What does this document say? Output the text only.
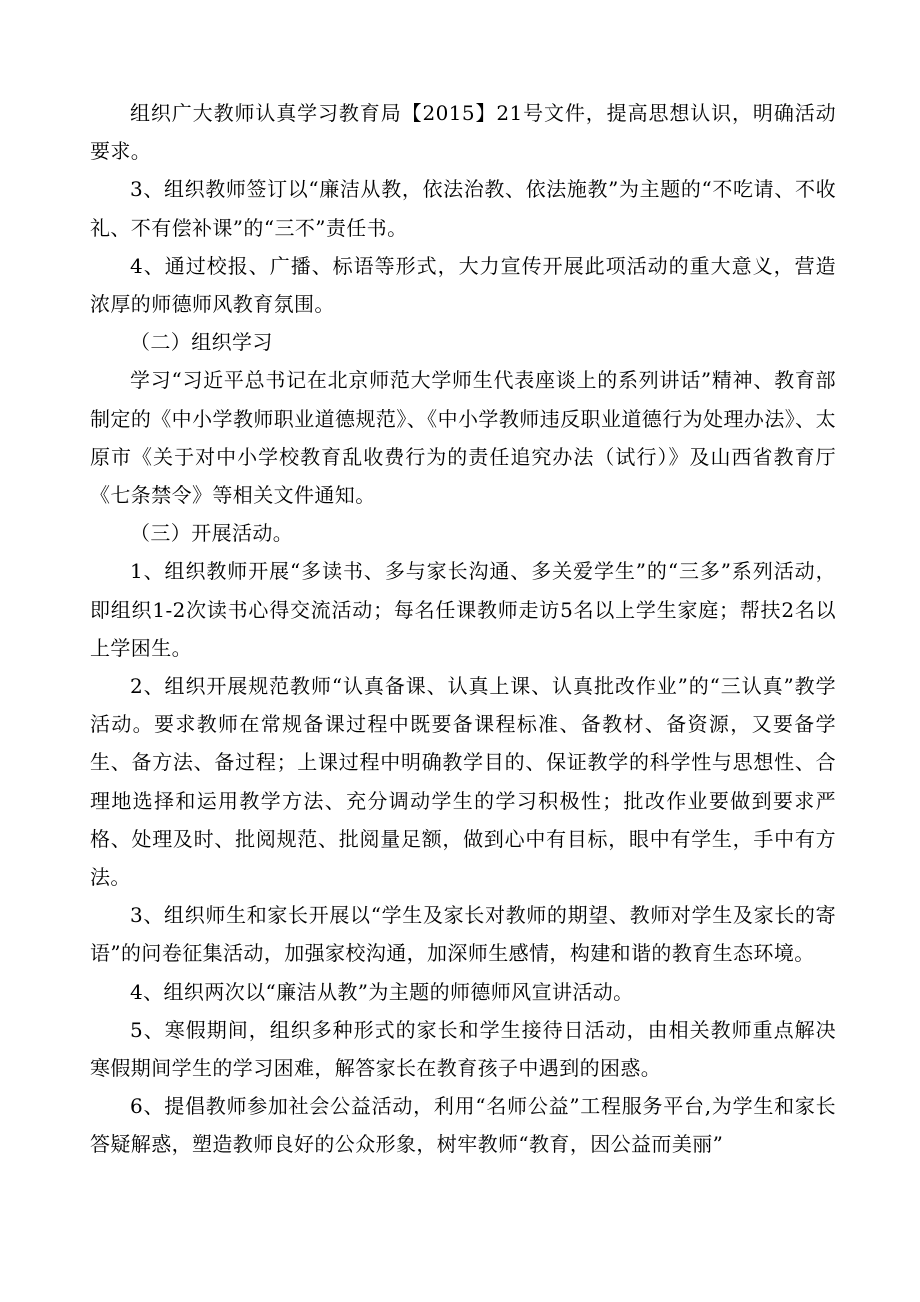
组织广大教师认真学习教育局【2015】21号文件，提高思想认识，明确活动要求。

3、组织教师签订以“廉洁从教，依法治教、依法施教”为主题的“不吃请、不收礼、不有偿补课”的“三不”责任书。

4、通过校报、广播、标语等形式，大力宣传开展此项活动的重大意义，营造浓厚的师德师风教育氛围。

（二）组织学习

学习“习近平总书记在北京师范大学师生代表座谈上的系列讲话”精神、教育部制定的《中小学教师职业道德规范》、《中小学教师违反职业道德行为处理办法》、太原市《关于对中小学校教育乱收费行为的责任追究办法（试行）》及山西省教育厅《七条禁令》等相关文件通知。

（三）开展活动。

1、组织教师开展“多读书、多与家长沟通、多关爱学生”的“三多”系列活动，即组织1-2次读书心得交流活动；每名任课教师走访5名以上学生家庭；帮扶2名以上学困生。

2、组织开展规范教师“认真备课、认真上课、认真批改作业”的“三认真”教学活动。要求教师在常规备课过程中既要备课程标准、备教材、备资源，又要备学生、备方法、备过程；上课过程中明确教学目的、保证教学的科学性与思想性、合理地选择和运用教学方法、充分调动学生的学习积极性；批改作业要做到要求严格、处理及时、批阅规范、批阅量足额，做到心中有目标，眼中有学生，手中有方法。

3、组织师生和家长开展以“学生及家长对教师的期望、教师对学生及家长的寄语”的问卷征集活动，加强家校沟通，加深师生感情，构建和谐的教育生态环境。

4、组织两次以“廉洁从教”为主题的师德师风宣讲活动。

5、寒假期间，组织多种形式的家长和学生接待日活动，由相关教师重点解决寒假期间学生的学习困难，解答家长在教育孩子中遇到的困惑。

6、提倡教师参加社会公益活动，利用“名师公益”工程服务平台,为学生和家长答疑解惑，塑造教师良好的公众形象，树牢教师“教育，因公益而美丽”
